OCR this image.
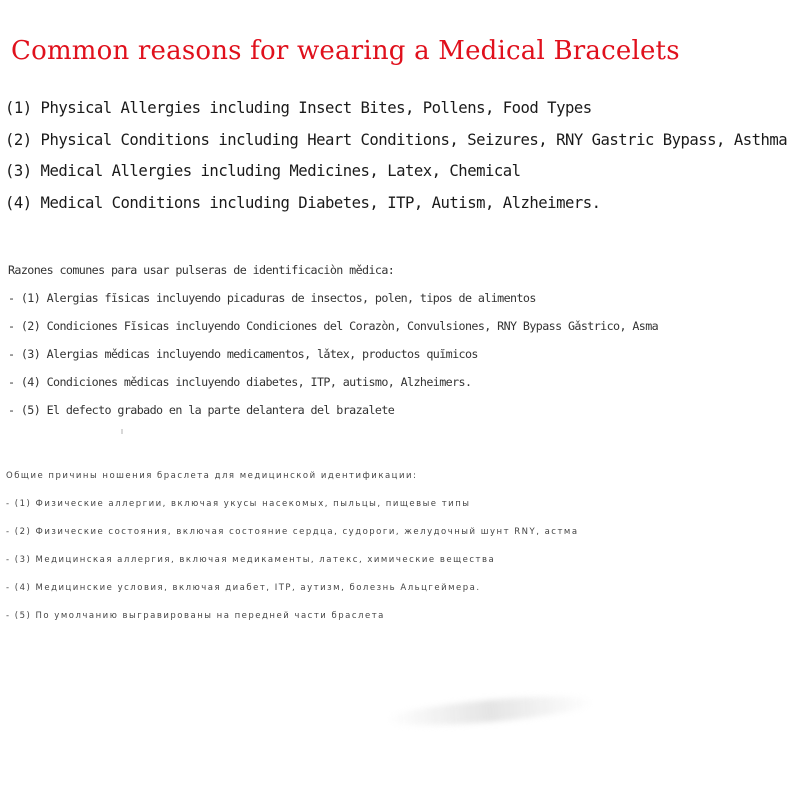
Common reasons for wearing a Medical Bracelets
(1) Physical Allergies including Insect Bites, Pollens, Food Types
(2) Physical Conditions including Heart Conditions, Seizures, RNY Gastric Bypass, Asthma
(3) Medical Allergies including Medicines, Latex, Chemical
(4) Medical Conditions including Diabetes, ITP, Autism, Alzheimers.
Razones comunes para usar pulseras de identificaciòn mědica:
- (1) Alergias fĭsicas incluyendo picaduras de insectos, polen, tipos de alimentos
- (2) Condiciones Fĭsicas incluyendo Condiciones del Corazòn, Convulsiones, RNY Bypass Gǎstrico, Asma
- (3) Alergias mědicas incluyendo medicamentos, lǎtex, productos quĭmicos
- (4) Condiciones mědicas incluyendo diabetes, ITP, autismo, Alzheimers.
- (5) El defecto grabado en la parte delantera del brazalete
Общие причины ношения браслета для медицинской идентификации:
- (1) Физические аллергии, включая укусы насекомых, пыльцы, пищевые типы
- (2) Физические состояния, включая состояние сердца, судороги, желудочный шунт RNY, астма
- (3) Медицинская аллергия, включая медикаменты, латекс, химические вещества
- (4) Медицинские условия, включая диабет, ITP, аутизм, болезнь Альцгеймера.
- (5) По умолчанию выгравированы на передней части браслета
